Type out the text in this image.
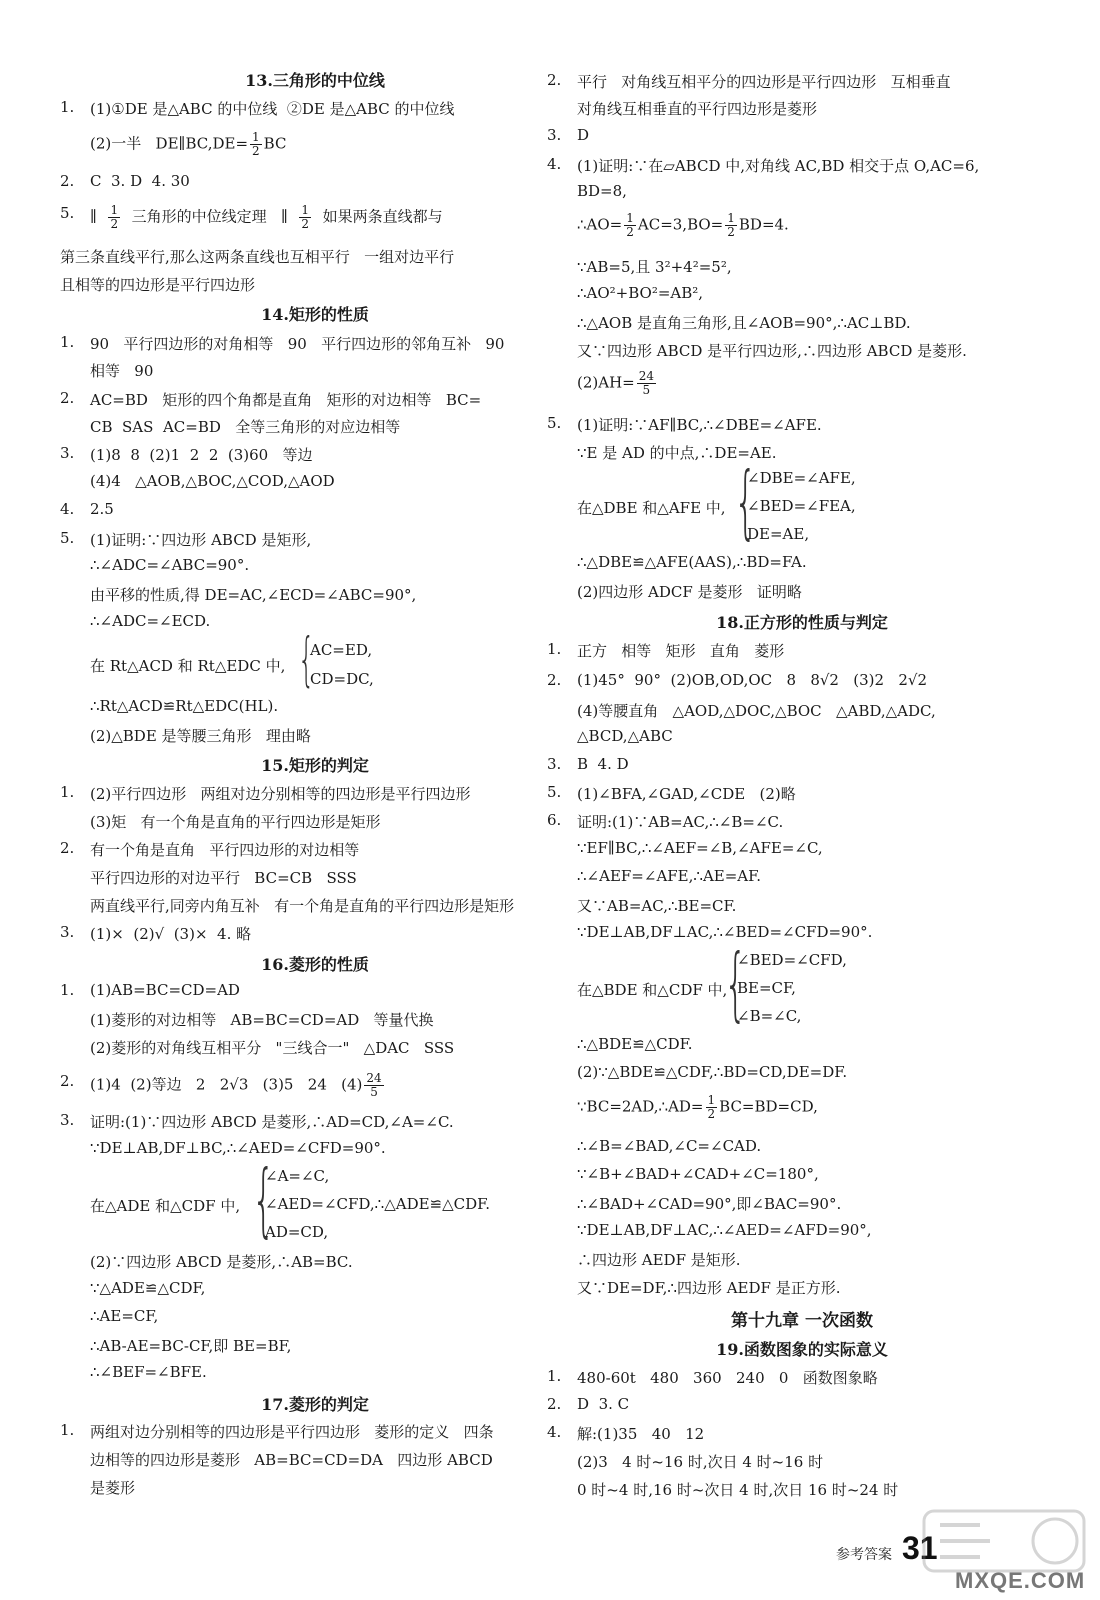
13.三角形的中位线
1. (1)①DE 是△ABC 的中位线  ②DE 是△ABC 的中位线
(2)一半   DE∥BC,DE= $\frac{1}{2}$ BC
2. C  3. D  4. 30
5. ∥ $\frac{1}{2}$ 三角形的中位线定理   ∥ $\frac{1}{2}$ 如果两条直线都与
第三条直线平行,那么这两条直线也互相平行   一组对边平行
且相等的四边形是平行四边形
14.矩形的性质
1. 90   平行四边形的对角相等   90   平行四边形的邻角互补   90
相等   90
2. AC=BD   矩形的四个角都是直角   矩形的对边相等   BC=
CB  SAS  AC=BD   全等三角形的对应边相等
3. (1)8  8  (2)1  2  2  (3)60   等边
(4)4   △AOB,△BOC,△COD,△AOD
4. 2.5
5. (1)证明:∵四边形 ABCD 是矩形,
∴∠ADC=∠ABC=90°.
由平移的性质,得 DE=AC,∠ECD=∠ABC=90°,
∴∠ADC=∠ECD.
在 Rt△ACD 和 Rt△EDC 中, {
AC=ED,
CD=DC,
∴Rt△ACD≌Rt△EDC(HL).
(2)△BDE 是等腰三角形   理由略
15.矩形的判定
1. (2)平行四边形   两组对边分别相等的四边形是平行四边形
(3)矩   有一个角是直角的平行四边形是矩形
2. 有一个角是直角   平行四边形的对边相等
平行四边形的对边平行   BC=CB   SSS
两直线平行,同旁内角互补   有一个角是直角的平行四边形是矩形
3. (1)×  (2)√  (3)×  4. 略
16.菱形的性质
1. (1)AB=BC=CD=AD
(1)菱形的对边相等   AB=BC=CD=AD   等量代换
(2)菱形的对角线互相平分   "三线合一"   △DAC   SSS
2. (1)4  (2)等边   2   2√3   (3)5   24   $(4) \frac{24}{5}$
3. 证明:(1)∵四边形 ABCD 是菱形,∴AD=CD,∠A=∠C.
∵DE⊥AB,DF⊥BC,∴∠AED=∠CFD=90°.
在△ADE 和△CDF 中, {
∠A=∠C,
∠AED=∠CFD,∴△ADE≌△CDF.
AD=CD,
(2)∵四边形 ABCD 是菱形,∴AB=BC.
∵△ADE≌△CDF,
∴AE=CF,
∴AB-AE=BC-CF,即 BE=BF,
∴∠BEF=∠BFE.
17.菱形的判定
1. 两组对边分别相等的四边形是平行四边形   菱形的定义   四条
边相等的四边形是菱形   AB=BC=CD=DA   四边形 ABCD
是菱形
2. 平行   对角线互相平分的四边形是平行四边形   互相垂直
对角线互相垂直的平行四边形是菱形
3. D
4. (1)证明:∵在▱ABCD 中,对角线 AC,BD 相交于点 O,AC=6,
BD=8,
∴AO= $\frac{1}{2} AC=3,BO= \frac{1}{2} BD=4$.
∵AB=5,且 3²+4²=5²,
∴AO²+BO²=AB²,
∴△AOB 是直角三角形,且∠AOB=90°,∴AC⊥BD.
又∵四边形 ABCD 是平行四边形,∴四边形 ABCD 是菱形.
$(2)AH= \frac{24}{5}$
5. (1)证明:∵AF∥BC,∴∠DBE=∠AFE.
∵E 是 AD 的中点,∴DE=AE.
在△DBE 和△AFE 中, {
∠DBE=∠AFE,
∠BED=∠FEA,
DE=AE,
∴△DBE≌△AFE(AAS),∴BD=FA.
(2)四边形 ADCF 是菱形   证明略
18.正方形的性质与判定
1. 正方   相等   矩形   直角   菱形
2. (1)45°  90°  (2)OB,OD,OC   8   8√2   (3)2   2√2
(4)等腰直角   △AOD,△DOC,△BOC   △ABD,△ADC,
△BCD,△ABC
3. B  4. D
5. (1)∠BFA,∠GAD,∠CDE   (2)略
6. 证明:(1)∵AB=AC,∴∠B=∠C.
∵EF∥BC,∴∠AEF=∠B,∠AFE=∠C,
∴∠AEF=∠AFE,∴AE=AF.
又∵AB=AC,∴BE=CF.
∵DE⊥AB,DF⊥AC,∴∠BED=∠CFD=90°.
在△BDE 和△CDF 中,
{
∠BED=∠CFD,
BE=CF,
∠B=∠C,
∴△BDE≌△CDF.
(2)∵△BDE≌△CDF,∴BD=CD,DE=DF.
∵BC=2AD,∴AD= $\frac{1}{2} BC=BD=CD$,
∴∠B=∠BAD,∠C=∠CAD.
∵∠B+∠BAD+∠CAD+∠C=180°,
∴∠BAD+∠CAD=90°,即∠BAC=90°.
∵DE⊥AB,DF⊥AC,∴∠AED=∠AFD=90°,
∴四边形 AEDF 是矩形.
又∵DE=DF,∴四边形 AEDF 是正方形.
第十九章 一次函数
19.函数图象的实际意义
1. 480-60t   480   360   240   0   函数图象略
2. D  3. C
4. 解:(1)35   40   12
(2)3   4 时~16 时,次日 4 时~16 时
0 时~4 时,16 时~次日 4 时,次日 16 时~24 时
参考答案 31
MXQE.COM
